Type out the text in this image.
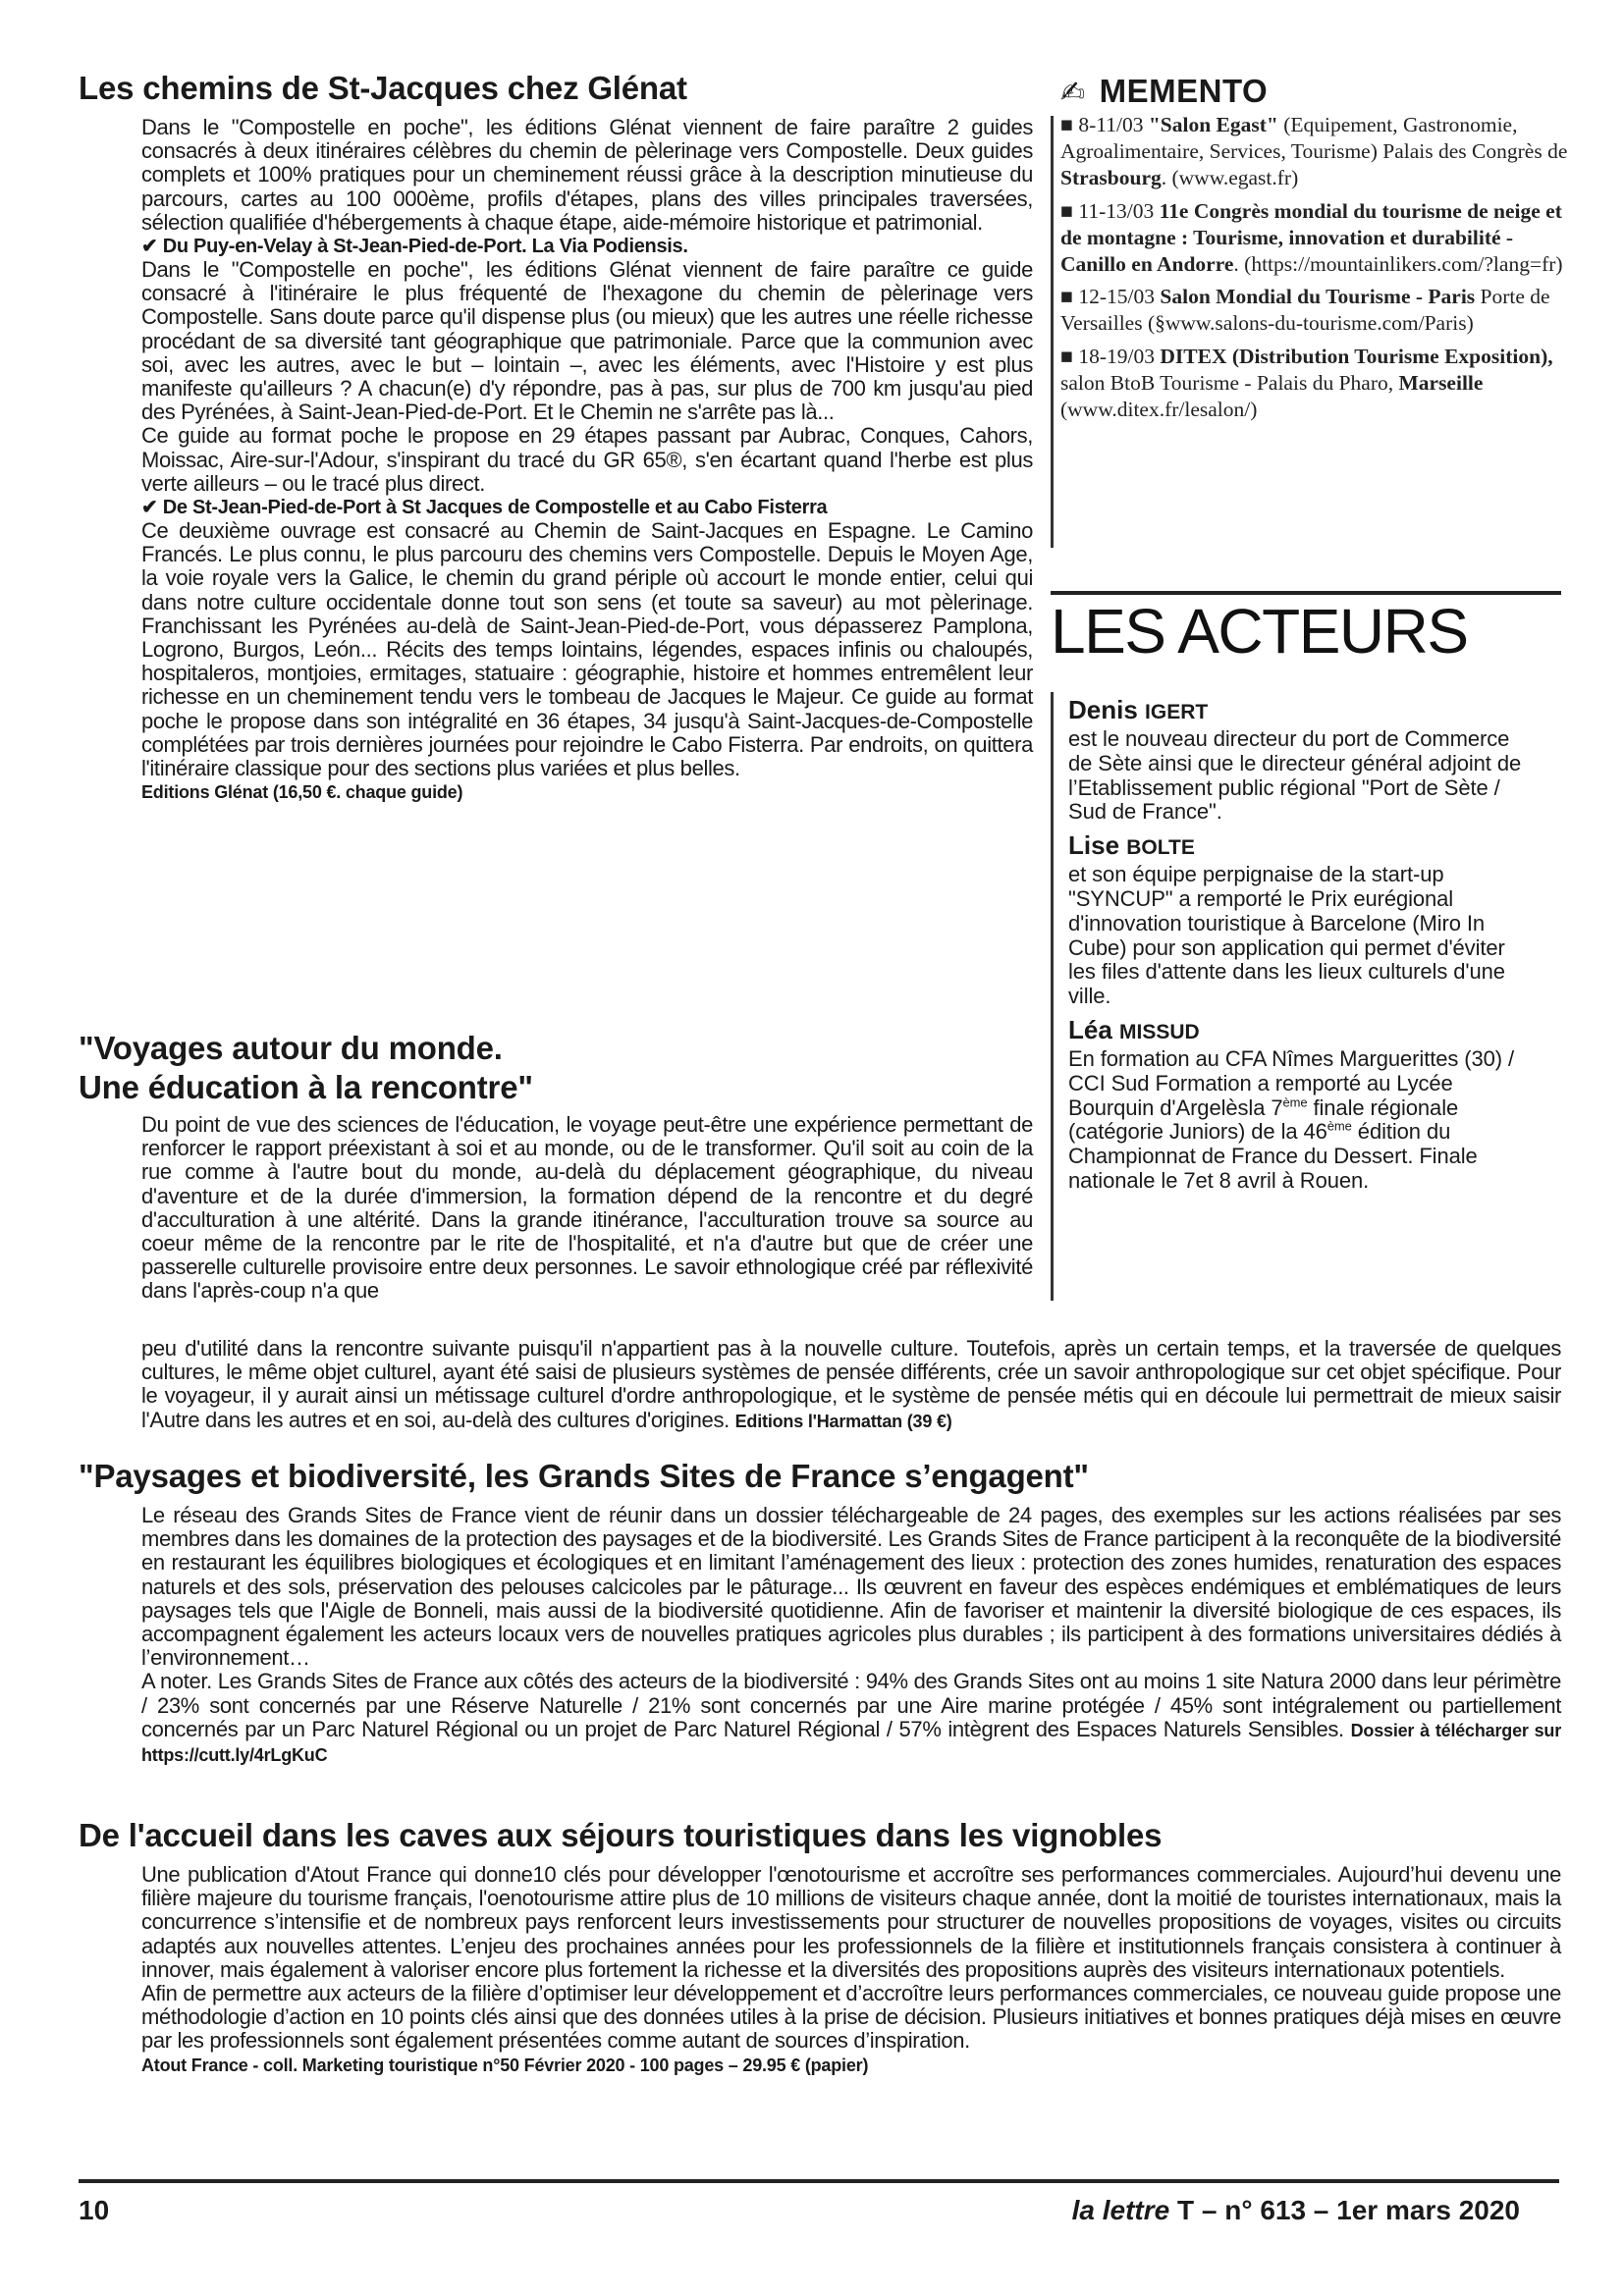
Les chemins de St-Jacques chez Glénat

Dans le "Compostelle en poche", les éditions Glénat viennent de faire paraître 2 guides consacrés à deux itinéraires célèbres du chemin de pèlerinage vers Compostelle. Deux guides complets et 100% pratiques pour un cheminement réussi grâce à la description minutieuse du parcours, cartes au 100 000ème, profils d'étapes, plans des villes principales traversées, sélection qualifiée d'hébergements à chaque étape, aide-mémoire historique et patrimonial.

✔ Du Puy-en-Velay à St-Jean-Pied-de-Port. La Via Podiensis.

Dans le "Compostelle en poche", les éditions Glénat viennent de faire paraître ce guide consacré à l'itinéraire le plus fréquenté de l'hexagone du chemin de pèlerinage vers Compostelle. Sans doute parce qu'il dispense plus (ou mieux) que les autres une réelle richesse procédant de sa diversité tant géographique que patrimoniale. Parce que la communion avec soi, avec les autres, avec le but – lointain –, avec les éléments, avec l'Histoire y est plus manifeste qu'ailleurs ? A chacun(e) d'y répondre, pas à pas, sur plus de 700 km jusqu'au pied des Pyrénées, à Saint-Jean-Pied-de-Port. Et le Chemin ne s'arrête pas là...

Ce guide au format poche le propose en 29 étapes passant par Aubrac, Conques, Cahors, Moissac, Aire-sur-l'Adour, s'inspirant du tracé du GR 65®, s'en écartant quand l'herbe est plus verte ailleurs – ou le tracé plus direct.

✔ De St-Jean-Pied-de-Port à St Jacques de Compostelle et au Cabo Fisterra

Ce deuxième ouvrage est consacré au Chemin de Saint-Jacques en Espagne. Le Camino Francés. Le plus connu, le plus parcouru des chemins vers Compostelle. Depuis le Moyen Age, la voie royale vers la Galice, le chemin du grand périple où accourt le monde entier, celui qui dans notre culture occidentale donne tout son sens (et toute sa saveur) au mot pèlerinage. Franchissant les Pyrénées au-delà de Saint-Jean-Pied-de-Port, vous dépasserez Pamplona, Logrono, Burgos, León... Récits des temps lointains, légendes, espaces infinis ou chaloupés, hospitaleros, montjoies, ermitages, statuaire : géographie, histoire et hommes entremêlent leur richesse en un cheminement tendu vers le tombeau de Jacques le Majeur. Ce guide au format poche le propose dans son intégralité en 36 étapes, 34 jusqu'à Saint-Jacques-de-Compostelle complétées par trois dernières journées pour rejoindre le Cabo Fisterra. Par endroits, on quittera l'itinéraire classique pour des sections plus variées et plus belles.

Editions Glénat (16,50 €. chaque guide)

"Voyages autour du monde.
Une éducation à la rencontre"

Du point de vue des sciences de l'éducation, le voyage peut-être une expérience permettant de renforcer le rapport préexistant à soi et au monde, ou de le transformer. Qu'il soit au coin de la rue comme à l'autre bout du monde, au-delà du déplacement géographique, du niveau d'aventure et de la durée d'immersion, la formation dépend de la rencontre et du degré d'acculturation à une altérité. Dans la grande itinérance, l'acculturation trouve sa source au coeur même de la rencontre par le rite de l'hospitalité, et n'a d'autre but que de créer une passerelle culturelle provisoire entre deux personnes. Le savoir ethnologique créé par réflexivité dans l'après-coup n'a que

peu d'utilité dans la rencontre suivante puisqu'il n'appartient pas à la nouvelle culture. Toutefois, après un certain temps, et la traversée de quelques cultures, le même objet culturel, ayant été saisi de plusieurs systèmes de pensée différents, crée un savoir anthropologique sur cet objet spécifique. Pour le voyageur, il y aurait ainsi un métissage culturel d'ordre anthropologique, et le système de pensée métis qui en découle lui permettrait de mieux saisir l'Autre dans les autres et en soi, au-delà des cultures d'origines. Editions l'Harmattan (39 €)

"Paysages et biodiversité, les Grands Sites de France s’engagent"

Le réseau des Grands Sites de France vient de réunir dans un dossier téléchargeable de 24 pages, des exemples sur les actions réalisées par ses membres dans les domaines de la protection des paysages et de la biodiversité. Les Grands Sites de France participent à la reconquête de la biodiversité en restaurant les équilibres biologiques et écologiques et en limitant l’aménagement des lieux : protection des zones humides, renaturation des espaces naturels et des sols, préservation des pelouses calcicoles par le pâturage... Ils œuvrent en faveur des espèces endémiques et emblématiques de leurs paysages tels que l'Aigle de Bonneli, mais aussi de la biodiversité quotidienne. Afin de favoriser et maintenir la diversité biologique de ces espaces, ils accompagnent également les acteurs locaux vers de nouvelles pratiques agricoles plus durables ; ils participent à des formations universitaires dédiés à l’environnement…

A noter. Les Grands Sites de France aux côtés des acteurs de la biodiversité : 94% des Grands Sites ont au moins 1 site Natura 2000 dans leur périmètre / 23% sont concernés par une Réserve Naturelle / 21% sont concernés par une Aire marine protégée / 45% sont intégralement ou partiellement concernés par un Parc Naturel Régional ou un projet de Parc Naturel Régional / 57% intègrent des Espaces Naturels Sensibles. Dossier à télécharger sur https://cutt.ly/4rLgKuC

De l'accueil dans les caves aux séjours touristiques dans les vignobles

Une publication d'Atout France qui donne10 clés pour développer l'œnotourisme et accroître ses performances commerciales. Aujourd’hui devenu une filière majeure du tourisme français, l'oenotourisme attire plus de 10 millions de visiteurs chaque année, dont la moitié de touristes internationaux, mais la concurrence s’intensifie et de nombreux pays renforcent leurs investissements pour structurer de nouvelles propositions de voyages, visites ou circuits adaptés aux nouvelles attentes. L’enjeu des prochaines années pour les professionnels de la filière et institutionnels français consistera à continuer à innover, mais également à valoriser encore plus fortement la richesse et la diversités des propositions auprès des visiteurs internationaux potentiels.

Afin de permettre aux acteurs de la filière d’optimiser leur développement et d’accroître leurs performances commerciales, ce nouveau guide propose une méthodologie d’action en 10 points clés ainsi que des données utiles à la prise de décision. Plusieurs initiatives et bonnes pratiques déjà mises en œuvre par les professionnels sont également présentées comme autant de sources d’inspiration.

Atout France - coll. Marketing touristique n°50 Février 2020 - 100 pages – 29.95 € (papier)

✍ MEMENTO
■ 8-11/03 "Salon Egast" (Equipement, Gastronomie, Agroalimentaire, Services, Tourisme) Palais des Congrès de Strasbourg. (www.egast.fr)
■ 11-13/03 11e Congrès mondial du tourisme de neige et de montagne : Tourisme, innovation et durabilité - Canillo en Andorre. (https://mountainlikers.com/?lang=fr)
■ 12-15/03 Salon Mondial du Tourisme - Paris Porte de Versailles (§www.salons-du-tourisme.com/Paris)
■ 18-19/03 DITEX (Distribution Tourisme Exposition), salon BtoB Tourisme - Palais du Pharo, Marseille (www.ditex.fr/lesalon/)
LES ACTEURS
Denis IGERT
est le nouveau directeur du port de Commerce de Sète ainsi que le directeur général adjoint de l’Etablissement public régional "Port de Sète / Sud de France".
Lise BOLTE
et son équipe perpignaise de la start-up "SYNCUP" a remporté le Prix eurégional d'innovation touristique à Barcelone (Miro In Cube) pour son application qui permet d'éviter les files d'attente dans les lieux culturels d'une ville.
Léa MISSUD
En formation au CFA Nîmes Marguerittes (30) / CCI Sud Formation a remporté au Lycée Bourquin d'Argelèsla 7ème finale régionale (catégorie Juniors) de la 46ème édition du Championnat de France du Dessert. Finale nationale le 7et 8 avril à Rouen.
10	la lettre T – n° 613 – 1er mars 2020
